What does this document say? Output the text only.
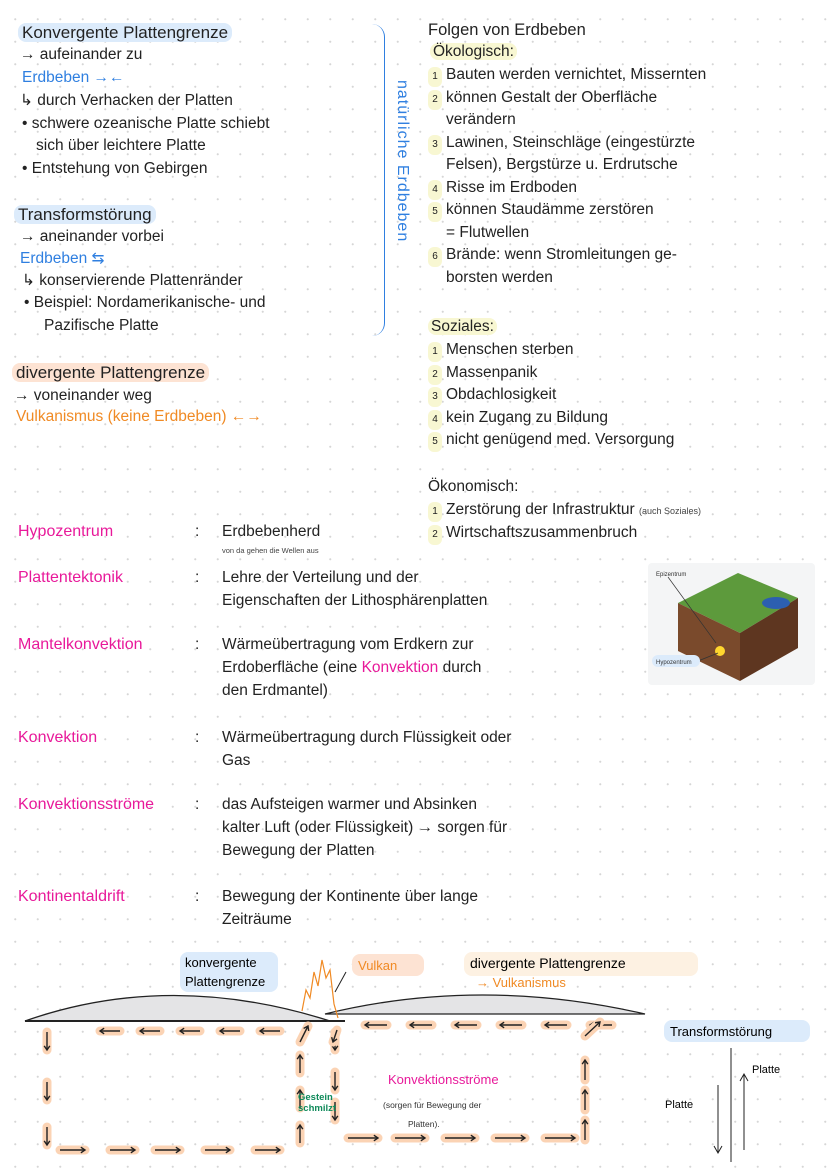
Konvergente Plattengrenze
→ aufeinander zu
Erdbeben →←
↳ durch Verhacken der Platten
• schwere ozeanische Platte schiebt
sich über leichtere Platte
• Entstehung von Gebirgen
Transformstörung
→ aneinander vorbei
Erdbeben ⇆
↳ konservierende Plattenränder
• Beispiel: Nordamerikanische- und
Pazifische Platte
natürliche Erdbeben
divergente Plattengrenze
→ voneinander weg
Vulkanismus (keine Erdbeben) ←→
Folgen von Erdbeben
Ökologisch:
1 Bauten werden vernichtet, Missernten
2 können Gestalt der Oberfläche
verändern
3 Lawinen, Steinschläge (eingestürzte
Felsen), Bergstürze u. Erdrutsche
4 Risse im Erdboden
5 können Staudämme zerstören
= Flutwellen
6 Brände: wenn Stromleitungen ge-
borsten werden
Soziales:
1 Menschen sterben
2 Massenpanik
3 Obdachlosigkeit
4 kein Zugang zu Bildung
5 nicht genügend med. Versorgung
Ökonomisch:
1 Zerstörung der Infrastruktur (auch Soziales)
2 Wirtschaftszusammenbruch
Hypozentrum	: Erdbebenherd
Plattentektonik	: Lehre der Verteilung und der
Eigenschaften der Lithosphärenplatten
Mantelkonvektion	: Wärmeübertragung vom Erdkern zur
Erdoberfläche (eine Konvektion durch
den Erdmantel)
Konvektion	: Wärmeübertragung durch Flüssigkeit oder
Gas
Konvektionsströme	: das Aufsteigen warmer und Absinken
kalter Luft (oder Flüssigkeit) → sorgen für
Bewegung der Platten
Kontinentaldrift	: Bewegung der Kontinente über lange
Zeiträume
von da gehen die Wellen aus
Epizentrum
Hypozentrum
konvergente
Plattengrenze
Vulkan	divergente Plattengrenze
→ Vulkanismus
Gestein
schmilzt
Konvektionsströme
(sorgen für Bewegung der
Platten).
Transformstörung
Platte
Platte
